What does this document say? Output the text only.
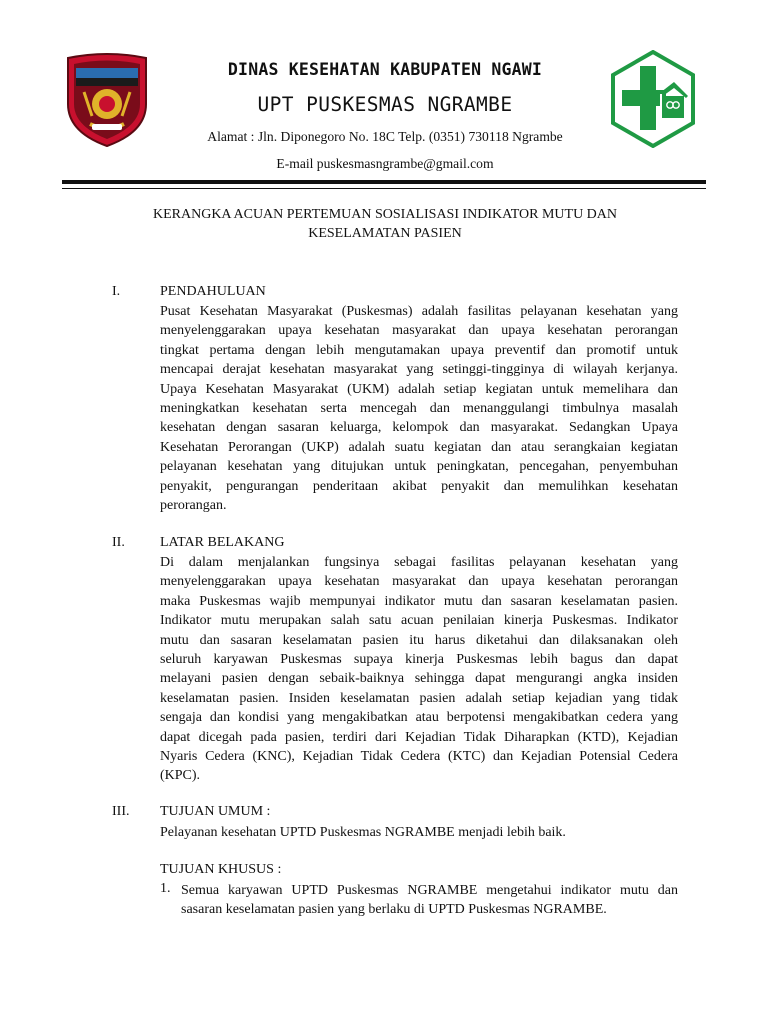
DINAS KESEHATAN KABUPATEN NGAWI
UPT PUSKESMAS NGRAMBE
Alamat : Jln. Diponegoro No. 18C Telp. (0351) 730118 Ngrambe
E-mail puskesmasngrambe@gmail.com
KERANGKA ACUAN PERTEMUAN SOSIALISASI INDIKATOR MUTU DAN
KESELAMATAN PASIEN
I.	PENDAHULUAN
Pusat Kesehatan Masyarakat (Puskesmas) adalah fasilitas pelayanan kesehatan yang
menyelenggarakan upaya kesehatan masyarakat dan upaya kesehatan perorangan
tingkat pertama dengan lebih mengutamakan upaya preventif dan promotif untuk
mencapai derajat kesehatan masyarakat yang setinggi-tingginya di wilayah kerjanya.
Upaya Kesehatan Masyarakat (UKM) adalah setiap kegiatan untuk memelihara dan
meningkatkan kesehatan serta mencegah dan menanggulangi timbulnya masalah
kesehatan dengan sasaran keluarga, kelompok dan masyarakat. Sedangkan Upaya
Kesehatan Perorangan (UKP) adalah suatu kegiatan dan atau serangkaian kegiatan
pelayanan kesehatan yang ditujukan untuk peningkatan, pencegahan, penyembuhan
penyakit, pengurangan penderitaan akibat penyakit dan memulihkan kesehatan
perorangan.
II.	LATAR BELAKANG
Di dalam menjalankan fungsinya sebagai fasilitas pelayanan kesehatan yang
menyelenggarakan upaya kesehatan masyarakat dan upaya kesehatan perorangan
maka Puskesmas wajib mempunyai indikator mutu dan sasaran keselamatan pasien.
Indikator mutu merupakan salah satu acuan penilaian kinerja Puskesmas. Indikator
mutu dan sasaran keselamatan pasien itu harus diketahui dan dilaksanakan oleh
seluruh karyawan Puskesmas supaya kinerja Puskesmas lebih bagus dan dapat
melayani pasien dengan sebaik-baiknya sehingga dapat mengurangi angka insiden
keselamatan pasien. Insiden keselamatan pasien adalah setiap kejadian yang tidak
sengaja dan kondisi yang mengakibatkan atau berpotensi mengakibatkan cedera yang
dapat dicegah pada pasien, terdiri dari Kejadian Tidak Diharapkan (KTD), Kejadian
Nyaris Cedera (KNC), Kejadian Tidak Cedera (KTC) dan Kejadian Potensial Cedera
(KPC).
III. TUJUAN UMUM :
Pelayanan kesehatan UPTD Puskesmas NGRAMBE menjadi lebih baik.
TUJUAN KHUSUS :
1. Semua karyawan UPTD Puskesmas NGRAMBE mengetahui indikator mutu dan
sasaran keselamatan pasien yang berlaku di UPTD Puskesmas NGRAMBE.
